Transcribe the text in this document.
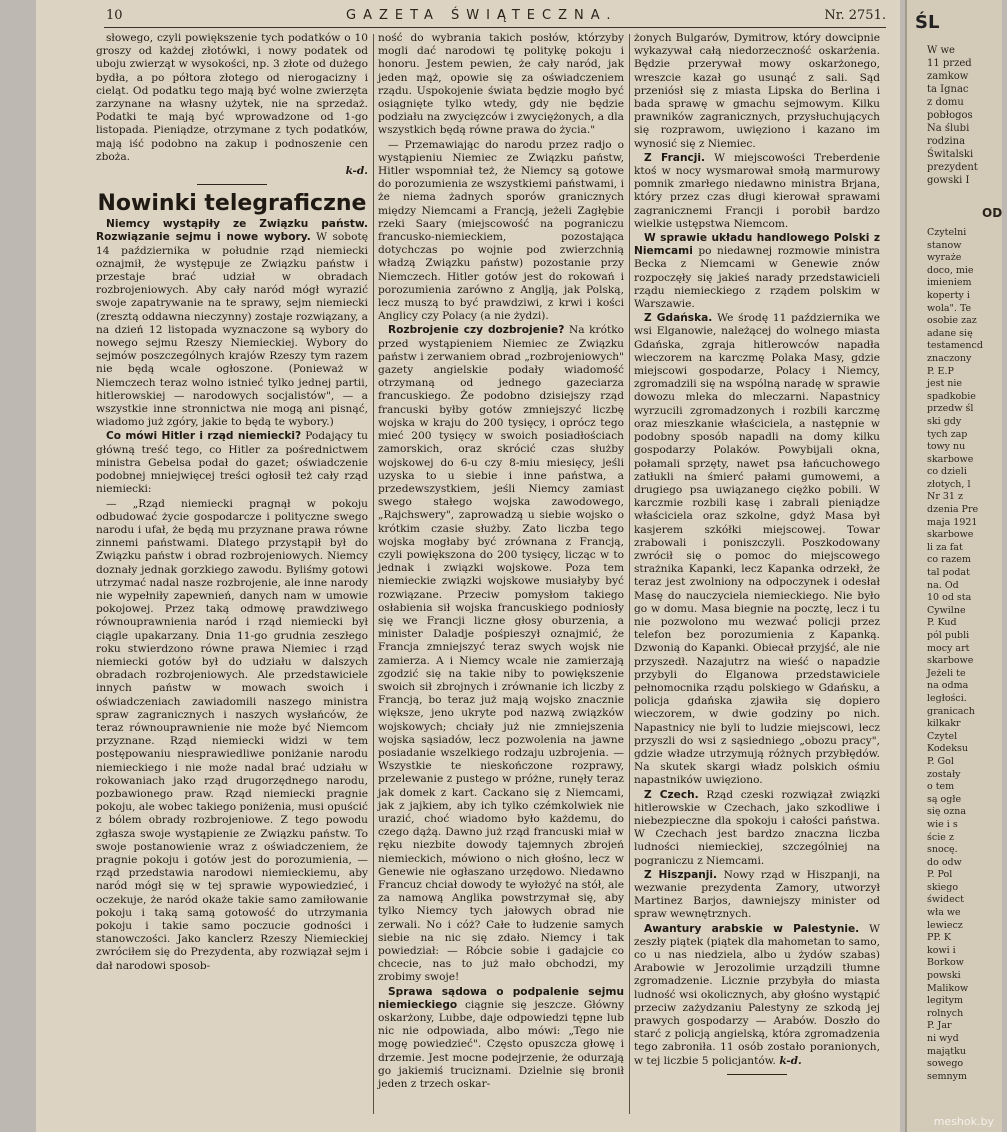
10	GAZETA ŚWIĄTECZNA.	Nr. 2751.

słowego, czyli powiększenie tych podatków o 10 groszy od każdej złotówki, i nowy podatek od uboju zwierząt w wysokości, np. 3 złote od dużego bydła, a po półtora złotego od nierogacizny i cieląt. Od podatku tego mają być wolne zwierzęta zarzynane na własny użytek, nie na sprzedaż. Podatki te mają być wprowadzone od 1-go listopada. Pieniądze, otrzymane z tych podatków, mają iść podobno na zakup i podnoszenie cen zboża.

k-d.

Nowinki telegraficzne

Niemcy wystąpiły ze Związku państw. Rozwiązanie sejmu i nowe wybory. W sobotę 14 października w południe rząd niemiecki oznajmił, że występuje ze Związku państw i przestaje brać udział w obradach rozbrojeniowych. Aby cały naród mógł wyrazić swoje zapatrywanie na te sprawy, sejm niemiecki (zresztą oddawna nieczynny) zostaje rozwiązany, a na dzień 12 listopada wyznaczone są wybory do nowego sejmu Rzeszy Niemieckiej. Wybory do sejmów poszczególnych krajów Rzeszy tym razem nie będą wcale ogłoszone. (Ponieważ w Niemczech teraz wolno istnieć tylko jednej partii, hitlerowskiej — narodowych socjalistów", — a wszystkie inne stronnictwa nie mogą ani pisnąć, wiadomo już zgóry, jakie to będą te wybory.)

Co mówi Hitler i rząd niemiecki? Podający tu główną treść tego, co Hitler za pośrednictwem ministra Gebelsa podał do gazet; oświadczenie podobnej mniejwięcej treści ogłosił też cały rząd niemiecki:

— „Rząd niemiecki pragnął w pokoju odbudować życie gospodarcze i polityczne swego narodu i ufał, że będą mu przyznane prawa równe zinnemi państwami. Dlatego przystąpił był do Związku państw i obrad rozbrojeniowych. Niemcy doznały jednak gorzkiego zawodu. Byliśmy gotowi utrzymać nadal nasze rozbrojenie, ale inne narody nie wypełniły zapewnień, danych nam w umowie pokojowej. Przez taką odmowę prawdziwego równouprawnienia naród i rząd niemiecki był ciągle upakarzany. Dnia 11-go grudnia zeszłego roku stwierdzono równe prawa Niemiec i rząd niemiecki gotów był do udziału w dalszych obradach rozbrojeniowych. Ale przedstawiciele innych państw w mowach swoich i oświadczeniach zawiadomili naszego ministra spraw zagranicznych i naszych wysłańców, że teraz równouprawnienie nie może być Niemcom przyznane. Rząd niemiecki widzi w tem postępowaniu niesprawiedliwe poniżanie narodu niemieckiego i nie może nadal brać udziału w rokowaniach jako rząd drugorzędnego narodu, pozbawionego praw. Rząd niemiecki pragnie pokoju, ale wobec takiego poniżenia, musi opuścić z bólem obrady rozbrojeniowe. Z tego powodu zgłasza swoje wystąpienie ze Związku państw. To swoje postanowienie wraz z oświadczeniem, że pragnie pokoju i gotów jest do porozumienia, — rząd przedstawia narodowi niemieckiemu, aby naród mógł się w tej sprawie wypowiedzieć, i oczekuje, że naród okaże takie samo zamiłowanie pokoju i taką samą gotowość do utrzymania pokoju i takie samo poczucie godności i stanowczości. Jako kanclerz Rzeszy Niemieckiej zwróciłem się do Prezydenta, aby rozwiązał sejm i dał narodowi sposob-

ność do wybrania takich posłów, którzyby mogli dać narodowi tę politykę pokoju i honoru. Jestem pewien, że cały naród, jak jeden mąż, opowie się za oświadczeniem rządu. Uspokojenie świata będzie mogło być osiągnięte tylko wtedy, gdy nie będzie podziału na zwycięzców i zwyciężonych, a dla wszystkich będą równe prawa do życia."

— Przemawiając do narodu przez radjo o wystąpieniu Niemiec ze Związku państw, Hitler wspomniał też, że Niemcy są gotowe do porozumienia ze wszystkiemi państwami, i że niema żadnych sporów granicznych między Niemcami a Francją, jeżeli Zagłębie rzeki Saary (miejscowość na pograniczu francusko-niemieckiem, pozostająca dotychczas po wojnie pod zwierzchnią władzą Związku państw) pozostanie przy Niemczech. Hitler gotów jest do rokowań i porozumienia zarówno z Anglją, jak Polską, lecz muszą to być prawdziwi, z krwi i kości Anglicy czy Polacy (a nie żydzi).

Rozbrojenie czy dozbrojenie? Na krótko przed wystąpieniem Niemiec ze Związku państw i zerwaniem obrad „rozbrojeniowych" gazety angielskie podały wiadomość otrzymaną od jednego gazeciarza francuskiego. Że podobno dzisiejszy rząd francuski byłby gotów zmniejszyć liczbę wojska w kraju do 200 tysięcy, i oprócz tego mieć 200 tysięcy w swoich posiadłościach zamorskich, oraz skrócić czas służby wojskowej do 6-u czy 8-miu miesięcy, jeśli uzyska to u siebie i inne państwa, a przedewszystkiem, jeśli Niemcy zamiast swego stałego wojska zawodowego, „Rajchswery", zaprowadzą u siebie wojsko o krótkim czasie służby. Zato liczba tego wojska mogłaby być zrównana z Francją, czyli powiększona do 200 tysięcy, licząc w to jednak i związki wojskowe. Poza tem niemieckie związki wojskowe musiałyby być rozwiązane. Przeciw pomysłom takiego osłabienia sił wojska francuskiego podniosły się we Francji liczne głosy oburzenia, a minister Daladje pośpieszył oznajmić, że Francja zmniejszyć teraz swych wojsk nie zamierza. A i Niemcy wcale nie zamierzają zgodzić się na takie niby to powiększenie swoich sił zbrojnych i zrównanie ich liczby z Francją, bo teraz już mają wojsko znacznie większe, jeno ukryte pod nazwą związków wojskowych; chciały już nie zmniejszenia wojska sąsiadów, lecz pozwolenia na jawne posiadanie wszelkiego rodzaju uzbrojenia. — Wszystkie te nieskończone rozprawy, przelewanie z pustego w próżne, runęły teraz jak domek z kart. Cackano się z Niemcami, jak z jajkiem, aby ich tylko czémkolwiek nie urazić, choć wiadomo było każdemu, do czego dążą. Dawno już rząd francuski miał w ręku niezbite dowody tajemnych zbrojeń niemieckich, mówiono o nich głośno, lecz w Genewie nie ogłaszano urzędowo. Niedawno Francuz chciał dowody te wyłożyć na stół, ale za namową Anglika powstrzymał się, aby tylko Niemcy tych jałowych obrad nie zerwali. No i cóż? Całe to łudzenie samych siebie na nic się zdało. Niemcy i tak powiedział: — Róbcie sobie i gadajcie co chcecie, nas to już mało obchodzi, my zrobimy swoje!

Sprawa sądowa o podpalenie sejmu niemieckiego ciągnie się jeszcze. Główny oskarżony, Lubbe, daje odpowiedzi tępne lub nic nie odpowiada, albo mówi: „Tego nie mogę powiedzieć". Często opuszcza głowę i drzemie. Jest mocne podejrzenie, że odurzają go jakiemiś truciznami. Dzielnie się bronił jeden z trzech oskar-

żonych Bulgarów, Dymitrow, który dowcipnie wykazywał całą niedorzeczność oskarżenia. Będzie przerywał mowy oskarżonego, wreszcie kazał go usunąć z sali. Sąd przeniósł się z miasta Lipska do Berlina i bada sprawę w gmachu sejmowym. Kilku prawników zagranicznych, przysłuchujących się rozprawom, uwięziono i kazano im wynosić się z Niemiec.

Z Francji. W miejscowości Treberdenie ktoś w nocy wysmarował smołą marmurowy pomnik zmarłego niedawno ministra Brjana, który przez czas długi kierował sprawami zagranicznemi Francji i porobił bardzo wielkie ustępstwa Niemcom.

W sprawie układu handlowego Polski z Niemcami po niedawnej rozmowie ministra Becka z Niemcami w Genewie znów rozpoczęły się jakieś narady przedstawicieli rządu niemieckiego z rządem polskim w Warszawie.

Z Gdańska. We środę 11 października we wsi Elganowie, należącej do wolnego miasta Gdańska, zgraja hitlerowców napadła wieczorem na karczmę Polaka Masy, gdzie miejscowi gospodarze, Polacy i Niemcy, zgromadzili się na wspólną naradę w sprawie dowozu mleka do mleczarni. Napastnicy wyrzucili zgromadzonych i rozbili karczmę oraz mieszkanie właściciela, a następnie w podobny sposób napadli na domy kilku gospodarzy Polaków. Powybijali okna, połamali sprzęty, nawet psa łańcuchowego zatłukli na śmierć pałami gumowemi, a drugiego psa uwiązanego ciężko pobili. W karczmie rozbili kasę i zabrali pieniądze właściciela oraz szkolne, gdyż Masa był kasjerem szkółki miejscowej. Towar zrabowali i poniszczyli. Poszkodowany zwrócił się o pomoc do miejscowego strażnika Kapanki, lecz Kapanka odrzekł, że teraz jest zwolniony na odpoczynek i odesłał Masę do nauczyciela niemieckiego. Nie było go w domu. Masa biegnie na pocztę, lecz i tu nie pozwolono mu wezwać policji przez telefon bez porozumienia z Kapanką. Dzwonią do Kapanki. Obiecał przyjść, ale nie przyszedł. Nazajutrz na wieść o napadzie przybyli do Elganowa przedstawiciele pełnomocnika rządu polskiego w Gdańsku, a policja gdańska zjawiła się dopiero wieczorem, w dwie godziny po nich. Napastnicy nie byli to ludzie miejscowi, lecz przyszli do wsi z sąsiedniego „obozu pracy", gdzie władze utrzymują różnych przybłędów. Na skutek skargi władz polskich ośmiu napastników uwięziono.

Z Czech. Rząd czeski rozwiązał związki hitlerowskie w Czechach, jako szkodliwe i niebezpieczne dla spokoju i całości państwa. W Czechach jest bardzo znaczna liczba ludności niemieckiej, szczególniej na pograniczu z Niemcami.

Z Hiszpanji. Nowy rząd w Hiszpanji, na wezwanie prezydenta Zamory, utworzył Martinez Barjos, dawniejszy minister od spraw wewnętrznych.

Awantury arabskie w Palestynie. W zeszły piątek (piątek dla mahometan to samo, co u nas niedziela, albo u żydów szabas) Arabowie w Jerozolimie urządzili tłumne zgromadzenie. Licznie przybyła do miasta ludność wsi okolicznych, aby głośno wystąpić przeciw zażydzaniu Palestyny ze szkodą jej prawych gospodarzy — Arabów. Doszło do starć z policją angielską, która zgromadzenia tego zabroniła. 11 osób zostało poranionych, w tej liczbie 5 policjantów. k-d.

ŚL
W we
11 przed
zamkow
ta Ignac
z domu
pobłogos
Na ślubi
rodzina
Świtalski
prezydent
gowski I
OD
Czytelni
stanow
wyraże
doco, mie
imieniem
koperty i
wola". Te
osobie zaz
adane się
testamencd
znaczony
P. E.P
jest nie
spadkobie
przedw śl
ski gdy
tych zap
towy nu
skarbowe
co dzieli
złotych, l
Nr 31 z
dzenia Pre
maja 1921
skarbowe
li za fat
co razem
tal podat
na. Od
10 od sta
Cywilne
P. Kud
pól publi
mocy art
skarbowe
Jeżeli te
na odma
ległości.
granicach
kilkakr
Czytel
Kodeksu
P. Gol
zostały
o tem
są ogłe
się ozna
wie i s
ście z
snocę.
do odw
P. Pol
skiego
świdect
wła we
lewiecz
PP. K
kowi i
Borkow
powski
Malikow
legitym
rolnych
P. Jar
ni wyd
majątku
sowego
semnym
meshok.by
